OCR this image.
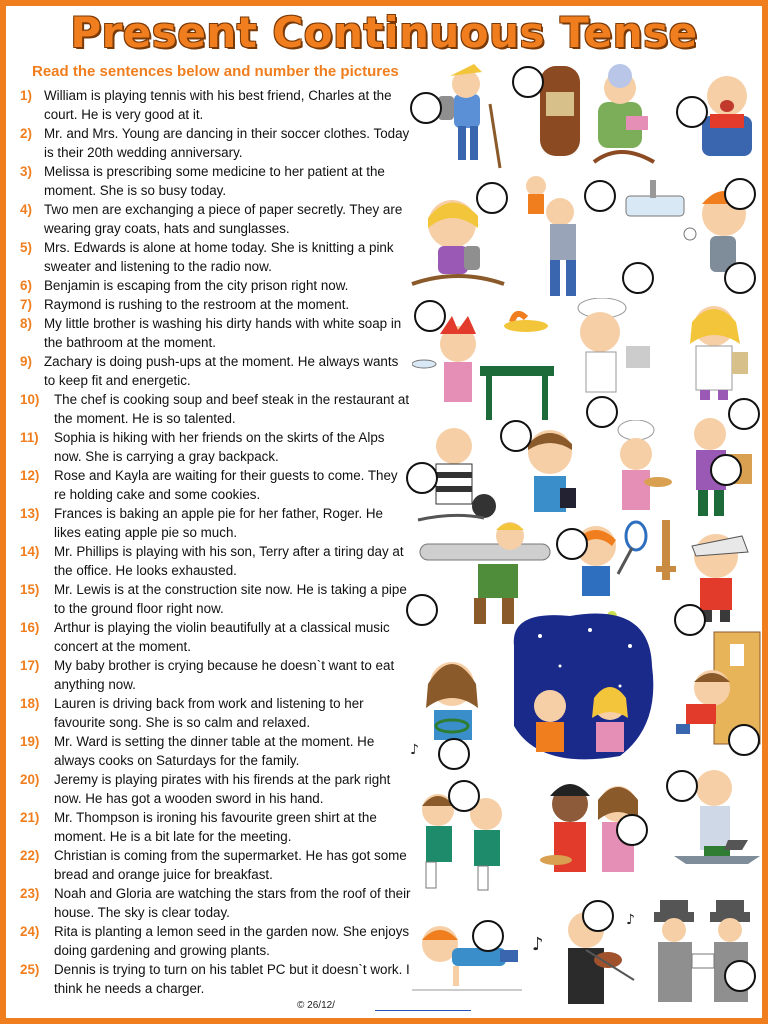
Present Continuous Tense
Read the sentences below and number the pictures
1) William is playing tennis with his best friend, Charles at the court. He is very good at it.
2) Mr. and Mrs. Young are dancing in their soccer clothes. Today is their 20th wedding anniversary.
3) Melissa is prescribing some medicine to her patient at the moment. She is so busy today.
4) Two men are exchanging a piece of paper secretly. They are wearing gray coats, hats and sunglasses.
5) Mrs. Edwards is alone at home today. She is knitting a pink sweater and listening to the radio now.
6) Benjamin is escaping from the city prison right now.
7) Raymond is rushing to the restroom at the moment.
8) My little brother is washing his dirty hands with white soap in the bathroom at the moment.
9) Zachary is doing push-ups at the moment. He always wants to keep fit and energetic.
10)	The chef is cooking soup and beef steak in the restaurant at the moment. He is so talented.
11)	Sophia is hiking with her friends on the skirts of the Alps now. She is carrying a gray backpack.
12)	Rose and Kayla are waiting for their guests to come. They re holding cake and some cookies.
13)	Frances is baking an apple pie for her father, Roger. He likes eating apple pie so much.
14)	Mr. Phillips is playing with his son, Terry after a tiring day at the office. He looks exhausted.
15)	Mr. Lewis is at the construction site now. He is taking a pipe to the ground floor right now.
16)	Arthur is playing the violin beautifully at a classical music concert at the moment.
17)	My baby brother is crying because he doesn`t want to eat anything now.
18)	Lauren is driving back from work and listening to her favourite song. She is so calm and relaxed.
19)	Mr. Ward is setting the dinner table at the moment. He always cooks on Saturdays for the family.
20)	Jeremy is playing pirates with his firends at the park right now. He has got a wooden sword in his hand.
21)	Mr. Thompson is ironing his favourite green shirt at the moment. He is a bit late for the meeting.
22)	Christian is coming from the supermarket. He has got some bread and orange juice for breakfast.
23)	Noah and Gloria are watching the stars from the roof of their house. The sky is clear today.
24)	Rita is planting a lemon seed in the garden now. She enjoys doing gardening and growing plants.
25)	Dennis is trying to turn on his tablet PC but it doesn`t work. I think he needs a charger.
♪
♪
♪
© 26/12/
